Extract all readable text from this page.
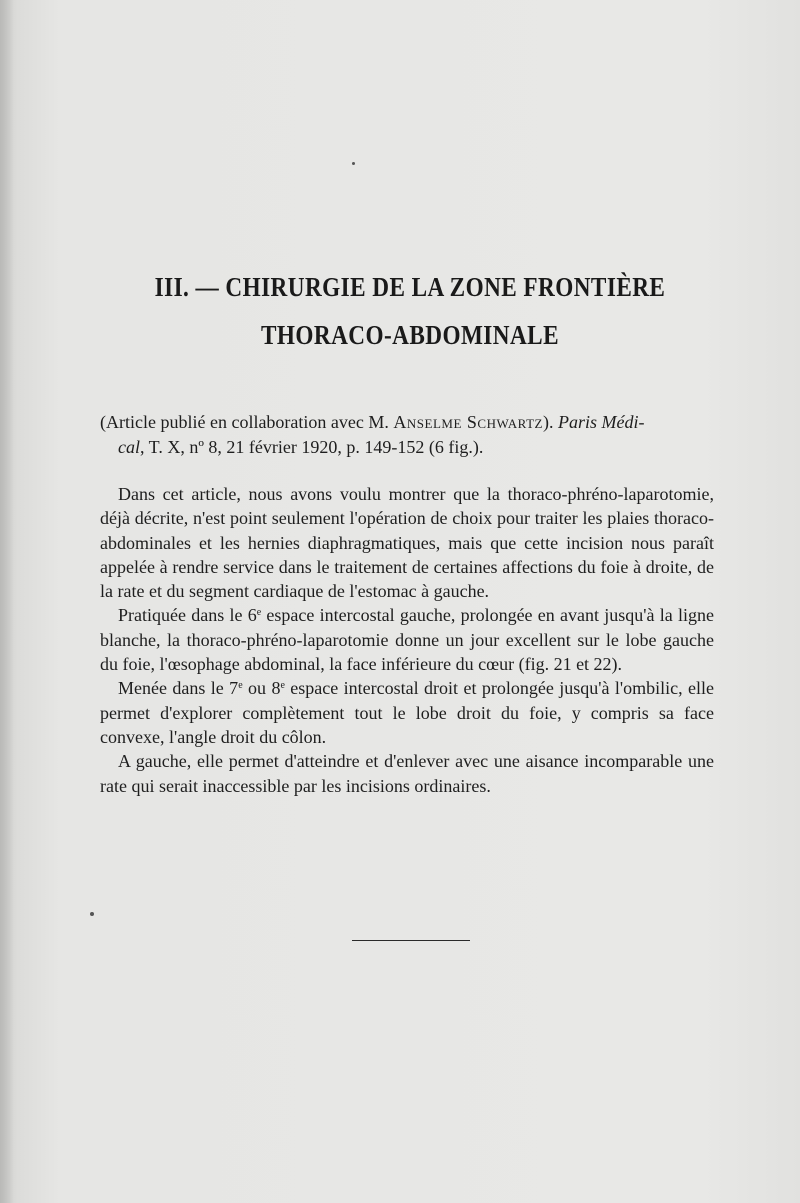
III. — CHIRURGIE DE LA ZONE FRONTIÈRE
THORACO-ABDOMINALE
(Article publié en collaboration avec M. Anselme Schwartz). Paris Médi-
cal, T. X, nº 8, 21 février 1920, p. 149-152 (6 fig.).

Dans cet article, nous avons voulu montrer que la thoraco-phréno-laparotomie, déjà décrite, n'est point seulement l'opération de choix pour traiter les plaies thoraco-abdominales et les hernies diaphragmatiques, mais que cette incision nous paraît appelée à rendre service dans le traitement de certaines affections du foie à droite, de la rate et du segment cardiaque de l'estomac à gauche.

Pratiquée dans le 6e espace intercostal gauche, prolongée en avant jusqu'à la ligne blanche, la thoraco-phréno-laparotomie donne un jour excellent sur le lobe gauche du foie, l'œsophage abdominal, la face inférieure du cœur (fig. 21 et 22).

Menée dans le 7e ou 8e espace intercostal droit et prolongée jusqu'à l'ombilic, elle permet d'explorer complètement tout le lobe droit du foie, y compris sa face convexe, l'angle droit du côlon.

A gauche, elle permet d'atteindre et d'enlever avec une aisance incomparable une rate qui serait inaccessible par les incisions ordinaires.
